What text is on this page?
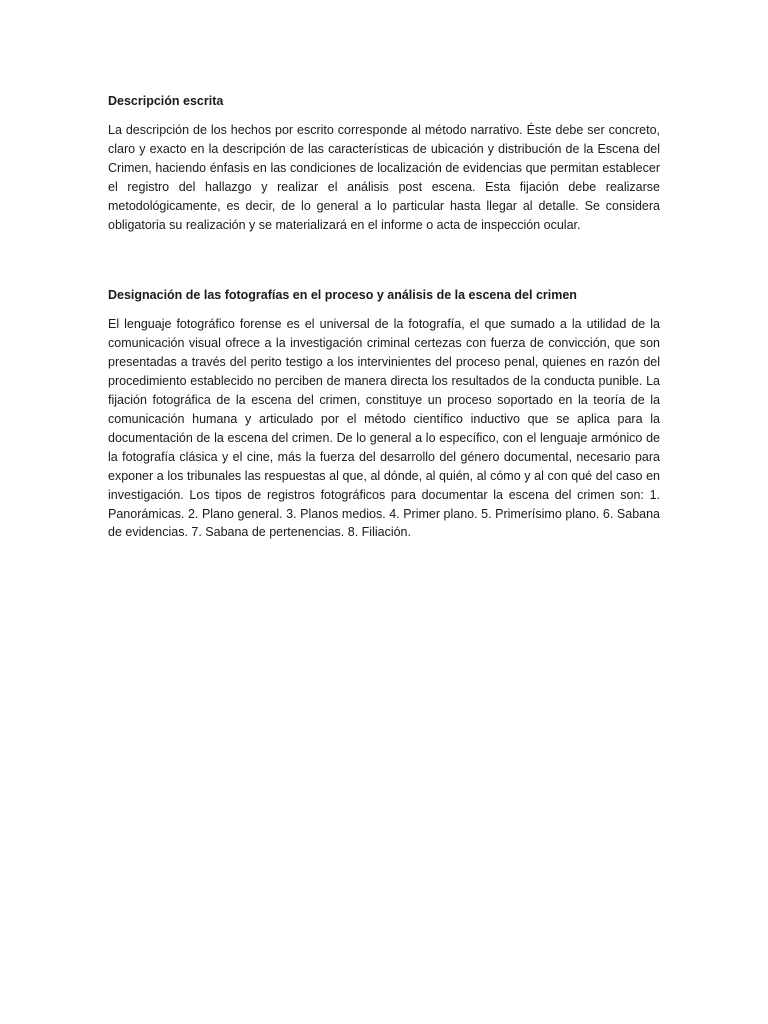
Descripción escrita

La descripción de los hechos por escrito corresponde al método narrativo. Éste debe ser concreto, claro y exacto en la descripción de las características de ubicación y distribución de la Escena del Crimen, haciendo énfasis en las condiciones de localización de evidencias que permitan establecer el registro del hallazgo y realizar el análisis post escena. Esta fijación debe realizarse metodológicamente, es decir, de lo general a lo particular hasta llegar al detalle. Se considera obligatoria su realización y se materializará en el informe o acta de inspección ocular.

Designación de las fotografías en el proceso y análisis de la escena del crimen

El lenguaje fotográfico forense es el universal de la fotografía, el que sumado a la utilidad de la comunicación visual ofrece a la investigación criminal certezas con fuerza de convicción, que son presentadas a través del perito testigo a los intervinientes del proceso penal, quienes en razón del procedimiento establecido no perciben de manera directa los resultados de la conducta punible. La fijación fotográfica de la escena del crimen, constituye un proceso soportado en la teoría de la comunicación humana y articulado por el método científico inductivo que se aplica para la documentación de la escena del crimen. De lo general a lo específico, con el lenguaje armónico de la fotografía clásica y el cine, más la fuerza del desarrollo del género documental, necesario para exponer a los tribunales las respuestas al que, al dónde, al quién, al cómo y al con qué del caso en investigación. Los tipos de registros fotográficos para documentar la escena del crimen son: 1. Panorámicas. 2. Plano general. 3. Planos medios. 4. Primer plano. 5. Primerísimo plano. 6. Sabana de evidencias. 7. Sabana de pertenencias. 8. Filiación.
